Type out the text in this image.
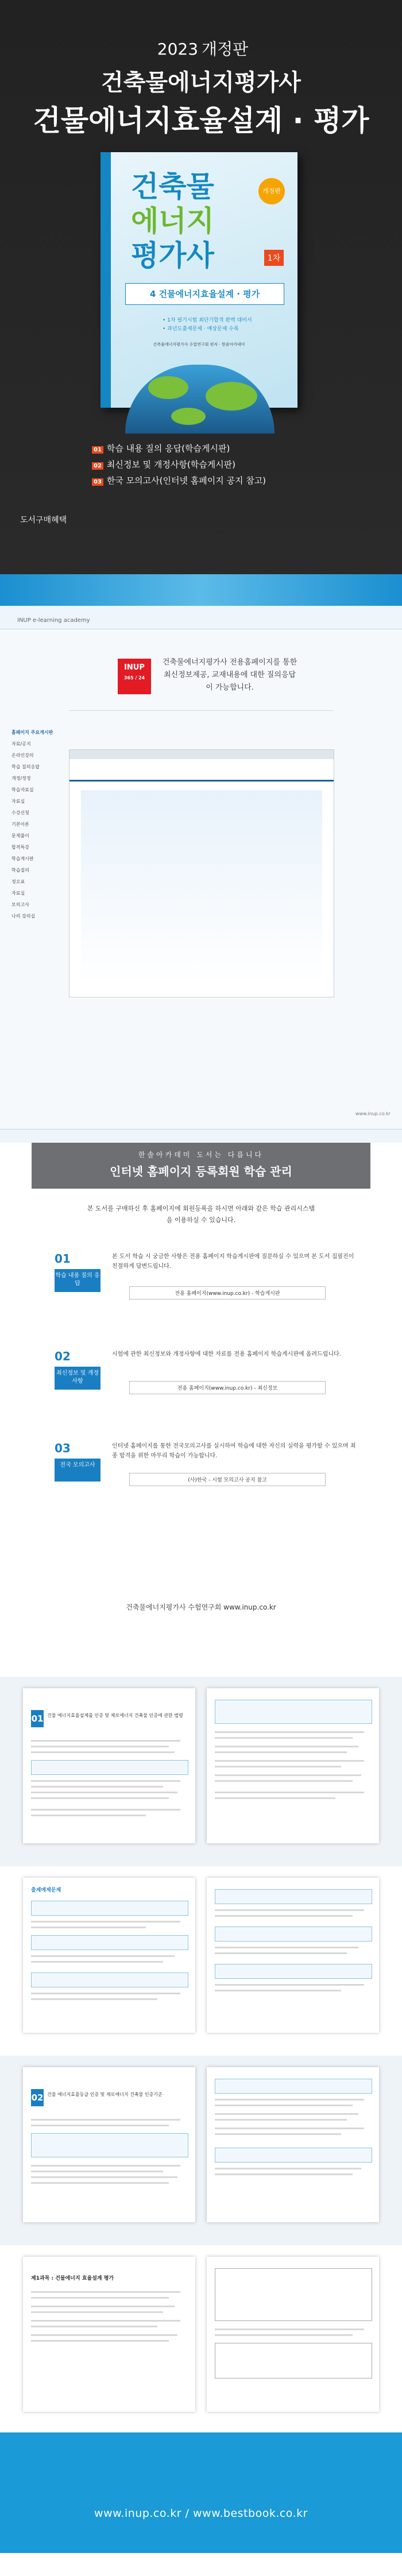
2023 개정판
건축물에너지평가사
건물에너지효율설계 · 평가
건축물
에너지
평가사
개정판
1차
4 건물에너지효율설계 · 평가
• 1차 필기시험 최단기합격 완벽 대비서
• 과년도출제문제 · 예상문제 수록
건축물에너지평가사 수험연구회 편저 · 한솔아카데미
01 학습 내용 질의 응답(학습게시판)
02 최신정보 및 개정사항(학습게시판)
03 한국 모의고사(인터넷 홈페이지 공지 참고)
도서구매혜택
INUP e-learning academy
INUP
365 / 24
건축물에너지평가사 전용홈페이지를 통한 최신정보제공, 교재내용에 대한 질의응답이 가능합니다.
홈페이지 주요게시판
자료/공지
온라인강의
학습 질의응답
개정/정정
학습자료실
자료실
수강신청
기본이론
문제풀이
합격특강
학습게시판
학습질의
정오표
자료실
모의고사
나의 강의실
www.inup.co.kr
한솔아카데미 도서는 다릅니다
인터넷 홈페이지 등록회원 학습 관리
본 도서를 구매하신 후 홈페이지에 회원등록을 하시면 아래와 같은 학습 관리시스템을 이용하실 수 있습니다.
01
학습 내용 질의 응답
본 도서 학습 시 궁금한 사항은 전용 홈페이지 학습게시판에 질문하실 수 있으며 본 도서 집필진이 친절하게 답변드립니다.
전용 홈페이지(www.inup.co.kr) - 학습게시판
02
최신정보 및 개정사항
시험에 관한 최신정보와 개정사항에 대한 자료를 전용 홈페이지 학습게시판에 올려드립니다.
전용 홈페이지(www.inup.co.kr) - 최신정보
03
전국 모의고사
인터넷 홈페이지를 통한 전국모의고사를 실시하여 학습에 대한 자신의 실력을 평가할 수 있으며 최종 합격을 위한 마무리 학습이 가능합니다.
(사)한국 - 시험 모의고사 공지 참고
건축물에너지평가사 수험연구회 www.inup.co.kr
01 건물 에너지효율설계를 인증 및 제로에너지 건축물 인증에 관한 법령
출제예제문제
02 건물 에너지효율등급 인증 및 제로에너지 건축물 인증기준
제1과목 : 건물에너지 효율설계 평가
www.inup.co.kr / www.bestbook.co.kr
